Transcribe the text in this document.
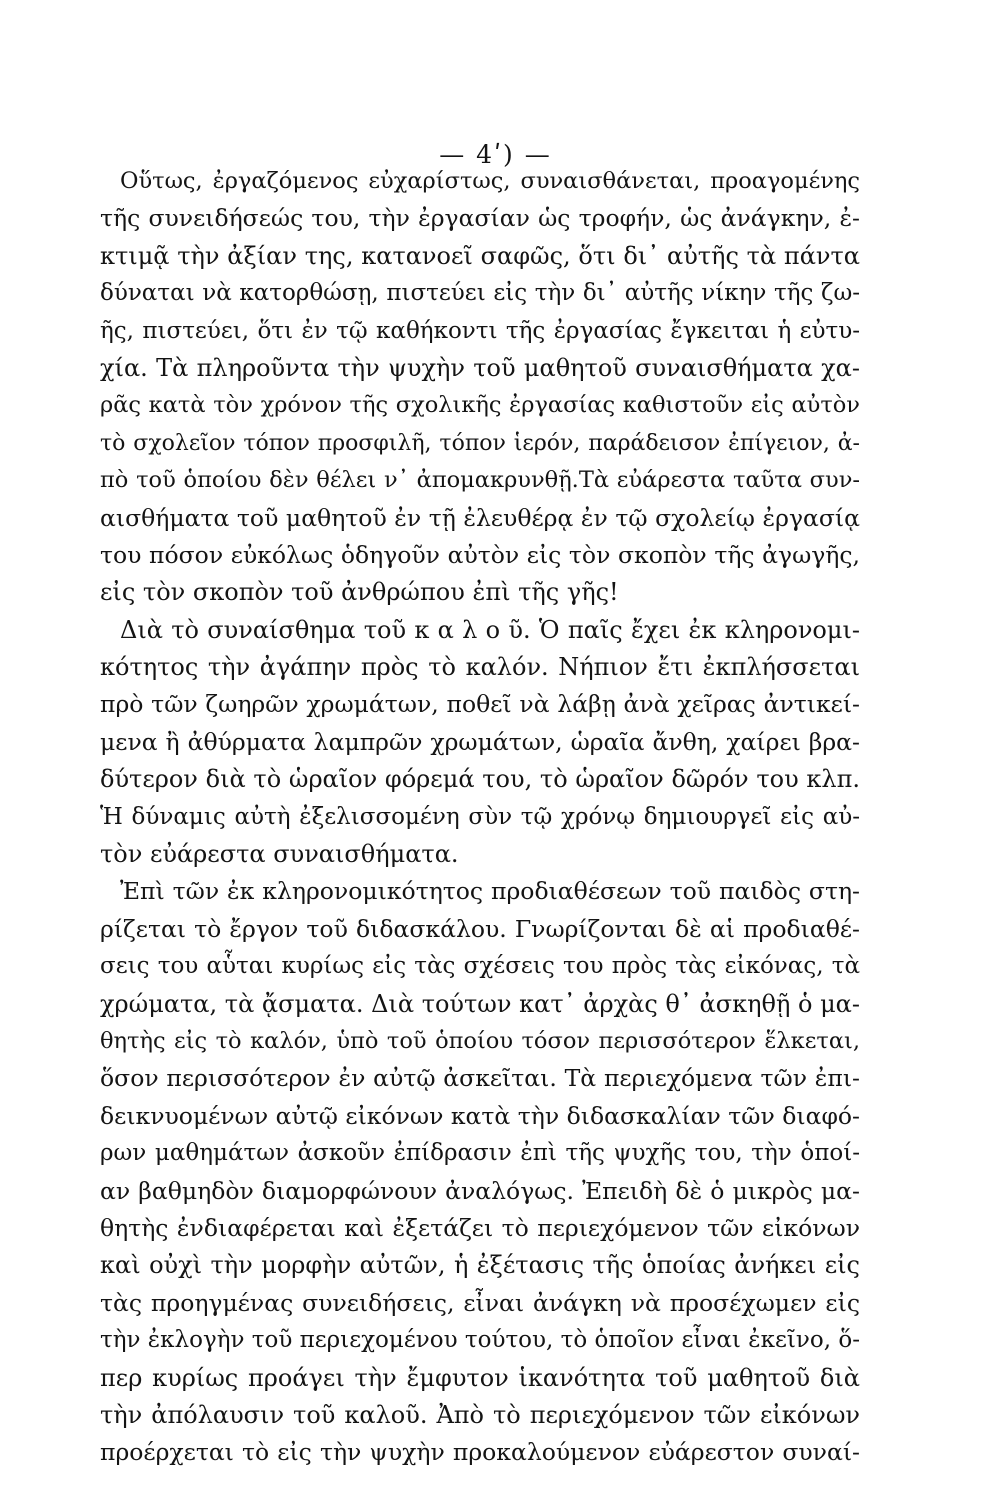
— 4ʹ) —
Οὕτως, ἐργαζόμενος εὐχαρίστως, συναισθάνεται, προαγομένης
τῆς συνειδήσεώς του, τὴν ἐργασίαν ὡς τροφήν, ὡς ἀνάγκην, ἐ-
κτιμᾷ τὴν ἀξίαν της, κατανοεῖ σαφῶς, ὅτι δι᾽ αὐτῆς τὰ πάντα
δύναται νὰ κατορθώσῃ, πιστεύει εἰς τὴν δι᾽ αὐτῆς νίκην τῆς ζω-
ῆς, πιστεύει, ὅτι ἐν τῷ καθήκοντι τῆς ἐργασίας ἔγκειται ἡ εὐτυ-
χία. Τὰ πληροῦντα τὴν ψυχὴν τοῦ μαθητοῦ συναισθήματα χα-
ρᾶς κατὰ τὸν χρόνον τῆς σχολικῆς ἐργασίας καθιστοῦν εἰς αὐτὸν
τὸ σχολεῖον τόπον προσφιλῆ, τόπον ἱερόν, παράδεισον ἐπίγειον, ἀ-
πὸ τοῦ ὁποίου δὲν θέλει ν᾽ ἀπομακρυνθῇ.Τὰ εὐάρεστα ταῦτα συν-
αισθήματα τοῦ μαθητοῦ ἐν τῇ ἐλευθέρᾳ ἐν τῷ σχολείῳ ἐργασίᾳ
του πόσον εὐκόλως ὁδηγοῦν αὐτὸν εἰς τὸν σκοπὸν τῆς ἀγωγῆς,
εἰς τὸν σκοπὸν τοῦ ἀνθρώπου ἐπὶ τῆς γῆς!
Διὰ τὸ συναίσθημα τοῦ κ α λ ο ῦ. Ὁ παῖς ἔχει ἐκ κληρονομι-
κότητος τὴν ἀγάπην πρὸς τὸ καλόν. Νήπιον ἔτι ἐκπλήσσεται
πρὸ τῶν ζωηρῶν χρωμάτων, ποθεῖ νὰ λάβῃ ἀνὰ χεῖρας ἀντικεί-
μενα ἢ ἀθύρματα λαμπρῶν χρωμάτων, ὡραῖα ἄνθη, χαίρει βρα-
δύτερον διὰ τὸ ὡραῖον φόρεμά του, τὸ ὡραῖον δῶρόν του κλπ.
Ἡ δύναμις αὐτὴ ἐξελισσομένη σὺν τῷ χρόνῳ δημιουργεῖ εἰς αὐ-
τὸν εὐάρεστα συναισθήματα.
Ἐπὶ τῶν ἐκ κληρονομικότητος προδιαθέσεων τοῦ παιδὸς στη-
ρίζεται τὸ ἔργον τοῦ διδασκάλου. Γνωρίζονται δὲ αἱ προδιαθέ-
σεις του αὗται κυρίως εἰς τὰς σχέσεις του πρὸς τὰς εἰκόνας, τὰ
χρώματα, τὰ ᾄσματα. Διὰ τούτων κατ᾽ ἀρχὰς θ᾽ ἀσκηθῇ ὁ μα-
θητὴς εἰς τὸ καλόν, ὑπὸ τοῦ ὁποίου τόσον περισσότερον ἕλκεται,
ὅσον περισσότερον ἐν αὐτῷ ἀσκεῖται. Τὰ περιεχόμενα τῶν ἐπι-
δεικνυομένων αὐτῷ εἰκόνων κατὰ τὴν διδασκαλίαν τῶν διαφό-
ρων μαθημάτων ἀσκοῦν ἐπίδρασιν ἐπὶ τῆς ψυχῆς του, τὴν ὁποί-
αν βαθμηδὸν διαμορφώνουν ἀναλόγως. Ἐπειδὴ δὲ ὁ μικρὸς μα-
θητὴς ἐνδιαφέρεται καὶ ἐξετάζει τὸ περιεχόμενον τῶν εἰκόνων
καὶ οὐχὶ τὴν μορφὴν αὐτῶν, ἡ ἐξέτασις τῆς ὁποίας ἀνήκει εἰς
τὰς προηγμένας συνειδήσεις, εἶναι ἀνάγκη νὰ προσέχωμεν εἰς
τὴν ἐκλογὴν τοῦ περιεχομένου τούτου, τὸ ὁποῖον εἶναι ἐκεῖνο, ὅ-
περ κυρίως προάγει τὴν ἔμφυτον ἱκανότητα τοῦ μαθητοῦ διὰ
τὴν ἀπόλαυσιν τοῦ καλοῦ. Ἀπὸ τὸ περιεχόμενον τῶν εἰκόνων
προέρχεται τὸ εἰς τὴν ψυχὴν προκαλούμενον εὐάρεστον συναί-
